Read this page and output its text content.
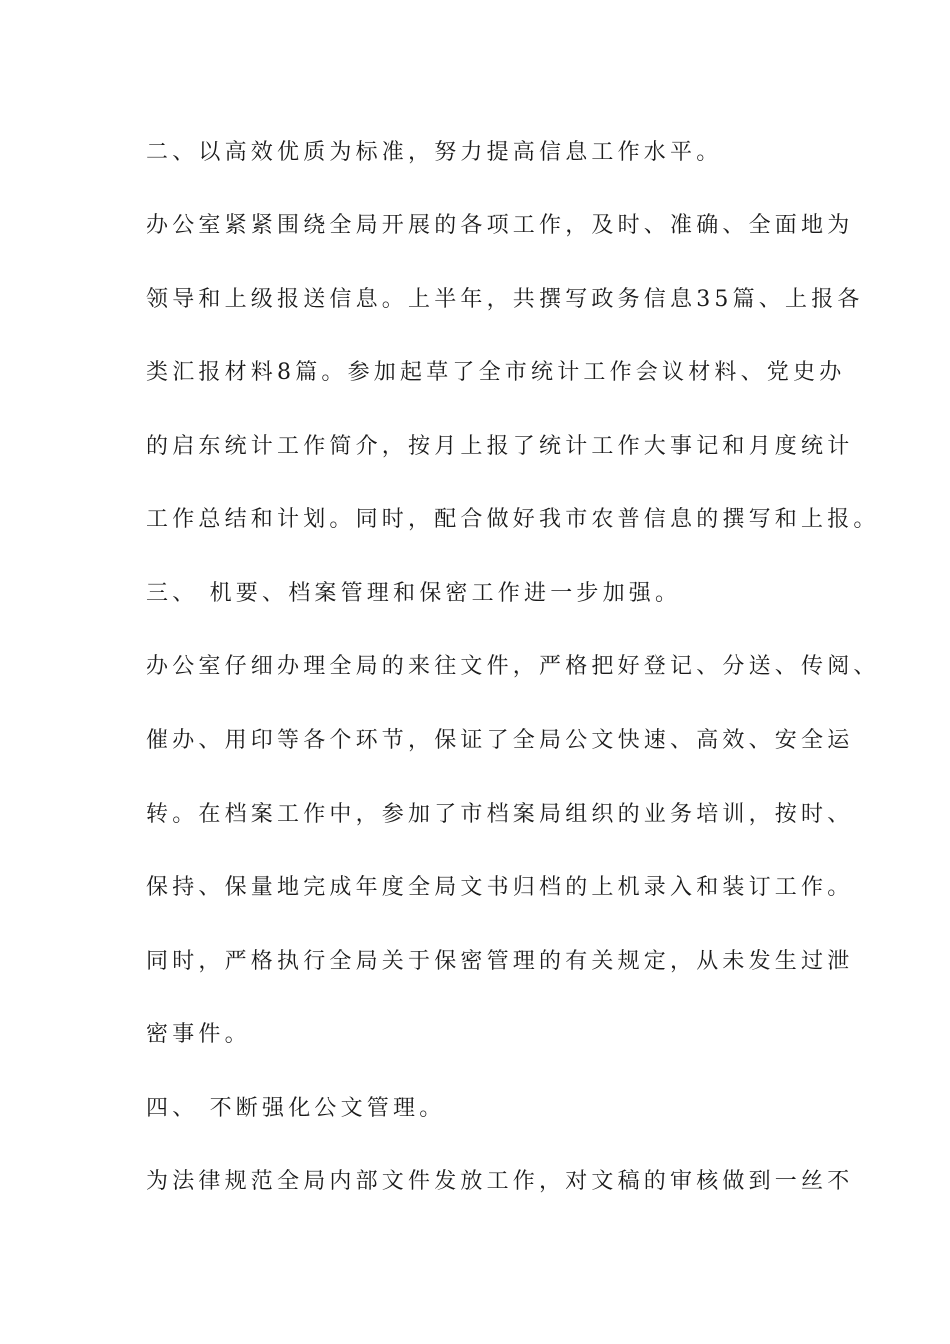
二、以高效优质为标准，努力提高信息工作水平。
办公室紧紧围绕全局开展的各项工作，及时、准确、全面地为
领导和上级报送信息。上半年，共撰写政务信息35篇、上报各
类汇报材料8篇。参加起草了全市统计工作会议材料、党史办
的启东统计工作简介，按月上报了统计工作大事记和月度统计
工作总结和计划。同时，配合做好我市农普信息的撰写和上报。
三、 机要、档案管理和保密工作进一步加强。
办公室仔细办理全局的来往文件，严格把好登记、分送、传阅、
催办、用印等各个环节，保证了全局公文快速、高效、安全运
转。在档案工作中，参加了市档案局组织的业务培训，按时、
保持、保量地完成年度全局文书归档的上机录入和装订工作。
同时，严格执行全局关于保密管理的有关规定，从未发生过泄
密事件。
四、 不断强化公文管理。
为法律规范全局内部文件发放工作，对文稿的审核做到一丝不
